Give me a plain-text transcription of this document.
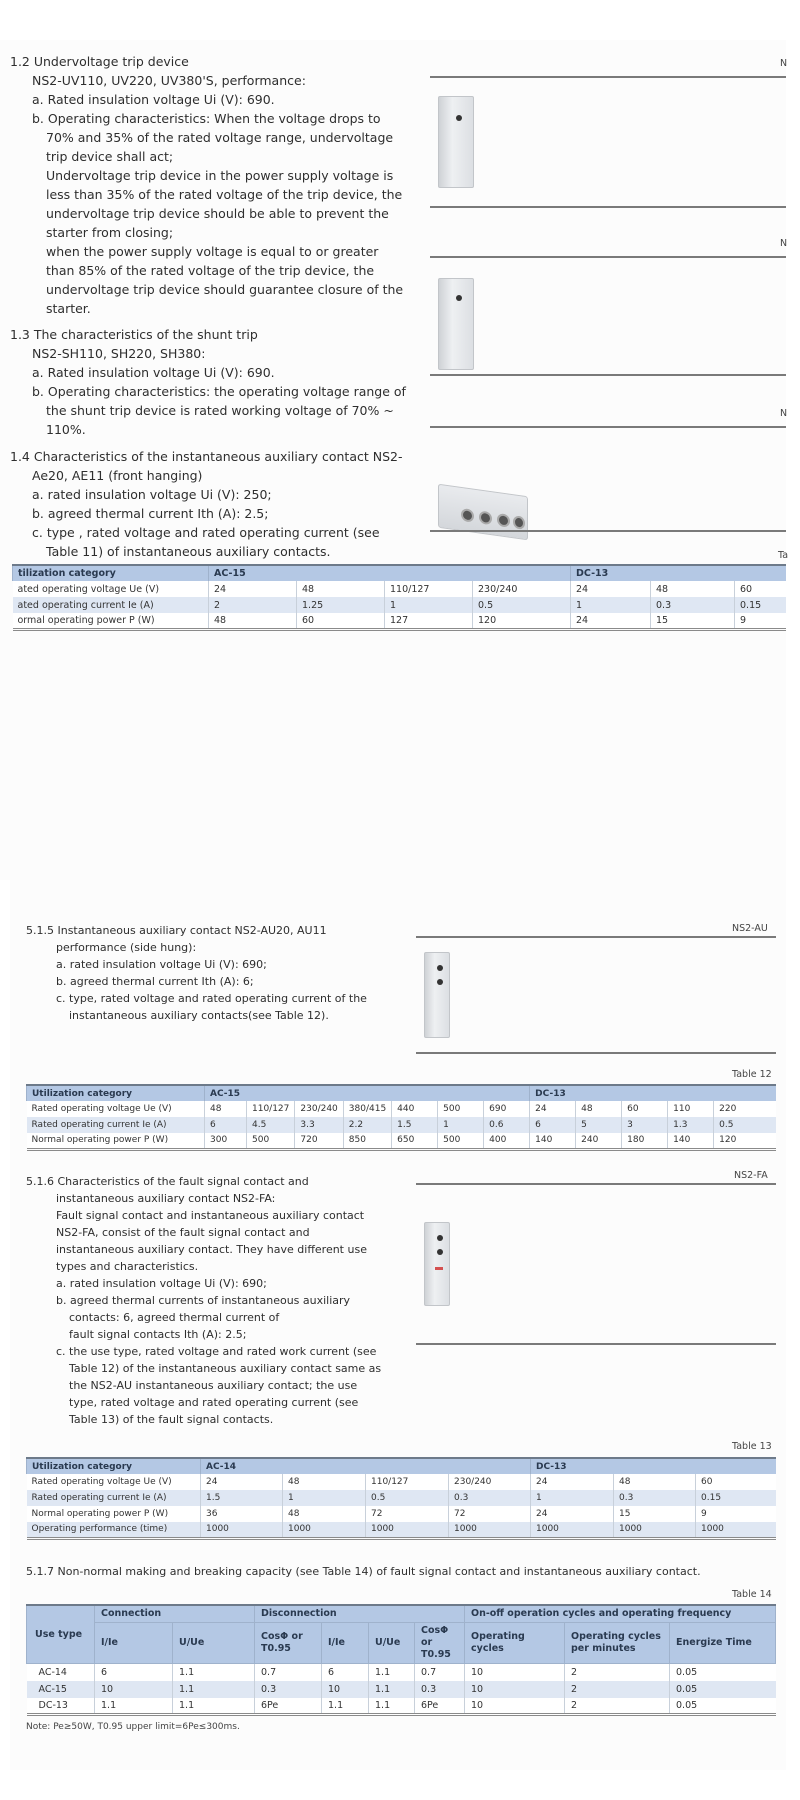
1.2 Undervoltage trip device
NS2-UV110, UV220, UV380'S, performance:
a. Rated insulation voltage Ui (V): 690.
b. Operating characteristics: When the voltage drops to
70% and 35% of the rated voltage range, undervoltage
trip device shall act;
Undervoltage trip device in the power supply voltage is
less than 35% of the rated voltage of the trip device, the
undervoltage trip device should be able to prevent the
starter from closing;
when the power supply voltage is equal to or greater
than 85% of the rated voltage of the trip device, the
undervoltage trip device should guarantee closure of the
starter.
1.3 The characteristics of the shunt trip
NS2-SH110, SH220, SH380:
a. Rated insulation voltage Ui (V): 690.
b. Operating characteristics: the operating voltage range of
the shunt trip device is rated working voltage of 70% ~
110%.
1.4 Characteristics of the instantaneous auxiliary contact NS2-
Ae20, AE11 (front hanging)
a. rated insulation voltage Ui (V): 250;
b. agreed thermal current Ith (A): 2.5;
c. type , rated voltage and rated operating current (see
Table 11) of instantaneous auxiliary contacts.
N
N
N
Ta
tilization category	AC-15				DC-13		
ated operating voltage Ue (V)	24	48	110/127	230/240	24	48	60
ated operating current Ie (A)	2	1.25	1	0.5	1	0.3	0.15
ormal operating power P (W)	48	60	127	120	24	15	9
5.1.5 Instantaneous auxiliary contact NS2-AU20, AU11
performance (side hung):
a. rated insulation voltage Ui (V): 690;
b. agreed thermal current Ith (A): 6;
c. type, rated voltage and rated operating current of the
instantaneous auxiliary contacts(see Table 12).
NS2-AU
Table 12
Utilization category	AC-15							DC-13				
Rated operating voltage Ue (V)	48	110/127	230/240	380/415	440	500	690	24	48	60	110	220
Rated operating current Ie (A)	6	4.5	3.3	2.2	1.5	1	0.6	6	5	3	1.3	0.5
Normal operating power P (W)	300	500	720	850	650	500	400	140	240	180	140	120
5.1.6 Characteristics of the fault signal contact and
instantaneous auxiliary contact NS2-FA:
Fault signal contact and instantaneous auxiliary contact
NS2-FA, consist of the fault signal contact and
instantaneous auxiliary contact. They have different use
types and characteristics.
a. rated insulation voltage Ui (V): 690;
b. agreed thermal currents of instantaneous auxiliary
contacts: 6, agreed thermal current of
fault signal contacts Ith (A): 2.5;
c. the use type, rated voltage and rated work current (see
Table 12) of the instantaneous auxiliary contact same as
the NS2-AU instantaneous auxiliary contact; the use
type, rated voltage and rated operating current (see
Table 13) of the fault signal contacts.
NS2-FA
Table 13
Utilization category	AC-14				DC-13		
Rated operating voltage Ue (V)	24	48	110/127	230/240	24	48	60
Rated operating current Ie (A)	1.5	1	0.5	0.3	1	0.3	0.15
Normal operating power P (W)	36	48	72	72	24	15	9
Operating performance (time)	1000	1000	1000	1000	1000	1000	1000
5.1.7 Non-normal making and breaking capacity (see Table 14) of fault signal contact and instantaneous auxiliary contact.
Table 14
Use type	Connection		Disconnection				On-off operation cycles and operating frequency		
	I/Ie	U/Ue	CosΦ or T0.95	I/Ie	U/Ue	CosΦ or T0.95	Operating cycles	Operating cycles per minutes	Energize Time
AC-14	6	1.1	0.7	6	1.1	0.7	10	2	0.05
AC-15	10	1.1	0.3	10	1.1	0.3	10	2	0.05
DC-13	1.1	1.1	6Pe	1.1	1.1	6Pe	10	2	0.05
Note: Pe≥50W, T0.95 upper limit=6Pe≤300ms.
